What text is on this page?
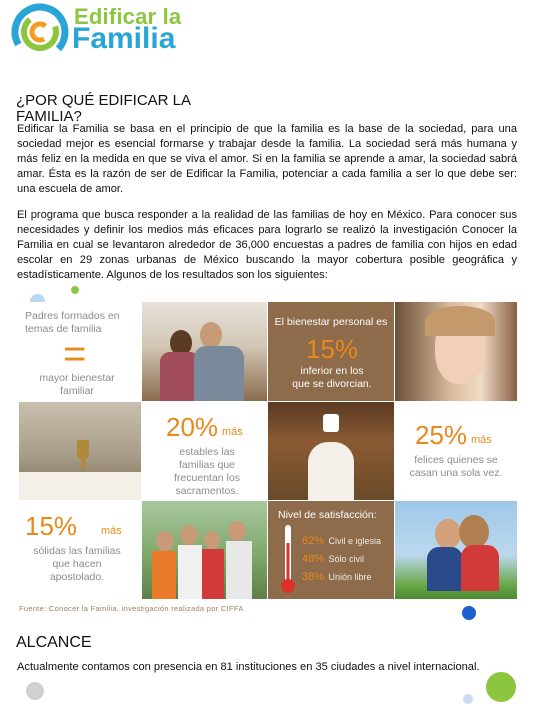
Edificar la
Familia
¿POR QUÉ EDIFICAR LA FAMILIA?
Edificar la Familia se basa en el principio de que la familia es la base de la sociedad, para una sociedad mejor es esencial formarse y trabajar desde la familia. La sociedad será más humana y más feliz en la medida en que se viva el amor. Si en la familia se aprende a amar, la sociedad sabrá amar. Ésta es la razón de ser de Edificar la Familia, potenciar a cada familia a ser lo que debe ser: una escuela de amor.
El programa que busca responder a la realidad de las familias de hoy en México. Para conocer sus necesidades y definir los medios más eficaces para lograrlo se realizó la investigación Conocer la Familia en cual se levantaron alrededor de 36,000 encuestas a padres de familia con hijos en edad escolar en 29 zonas urbanas de México buscando la mayor cobertura posible geográfica y estadísticamente. Algunos de los resultados son los siguientes:
Padres formados en temas de familia
=
mayor bienestar familiar
El bienestar personal es
15%
inferior en los que se divorcian.
20% más
estables las familias que frecuentan los sacramentos.
25% más
felices quienes se casan una sola vez.
15% más
sólidas las familias que hacen apostolado.
Nivel de satisfacción:
62% Civil e iglesia
48% Sólo civil
38% Unión libre
Fuente: Conocer la Familia, investigación realizada por CIFFA
ALCANCE
Actualmente contamos con presencia en 81 instituciones en 35 ciudades a nivel internacional.
